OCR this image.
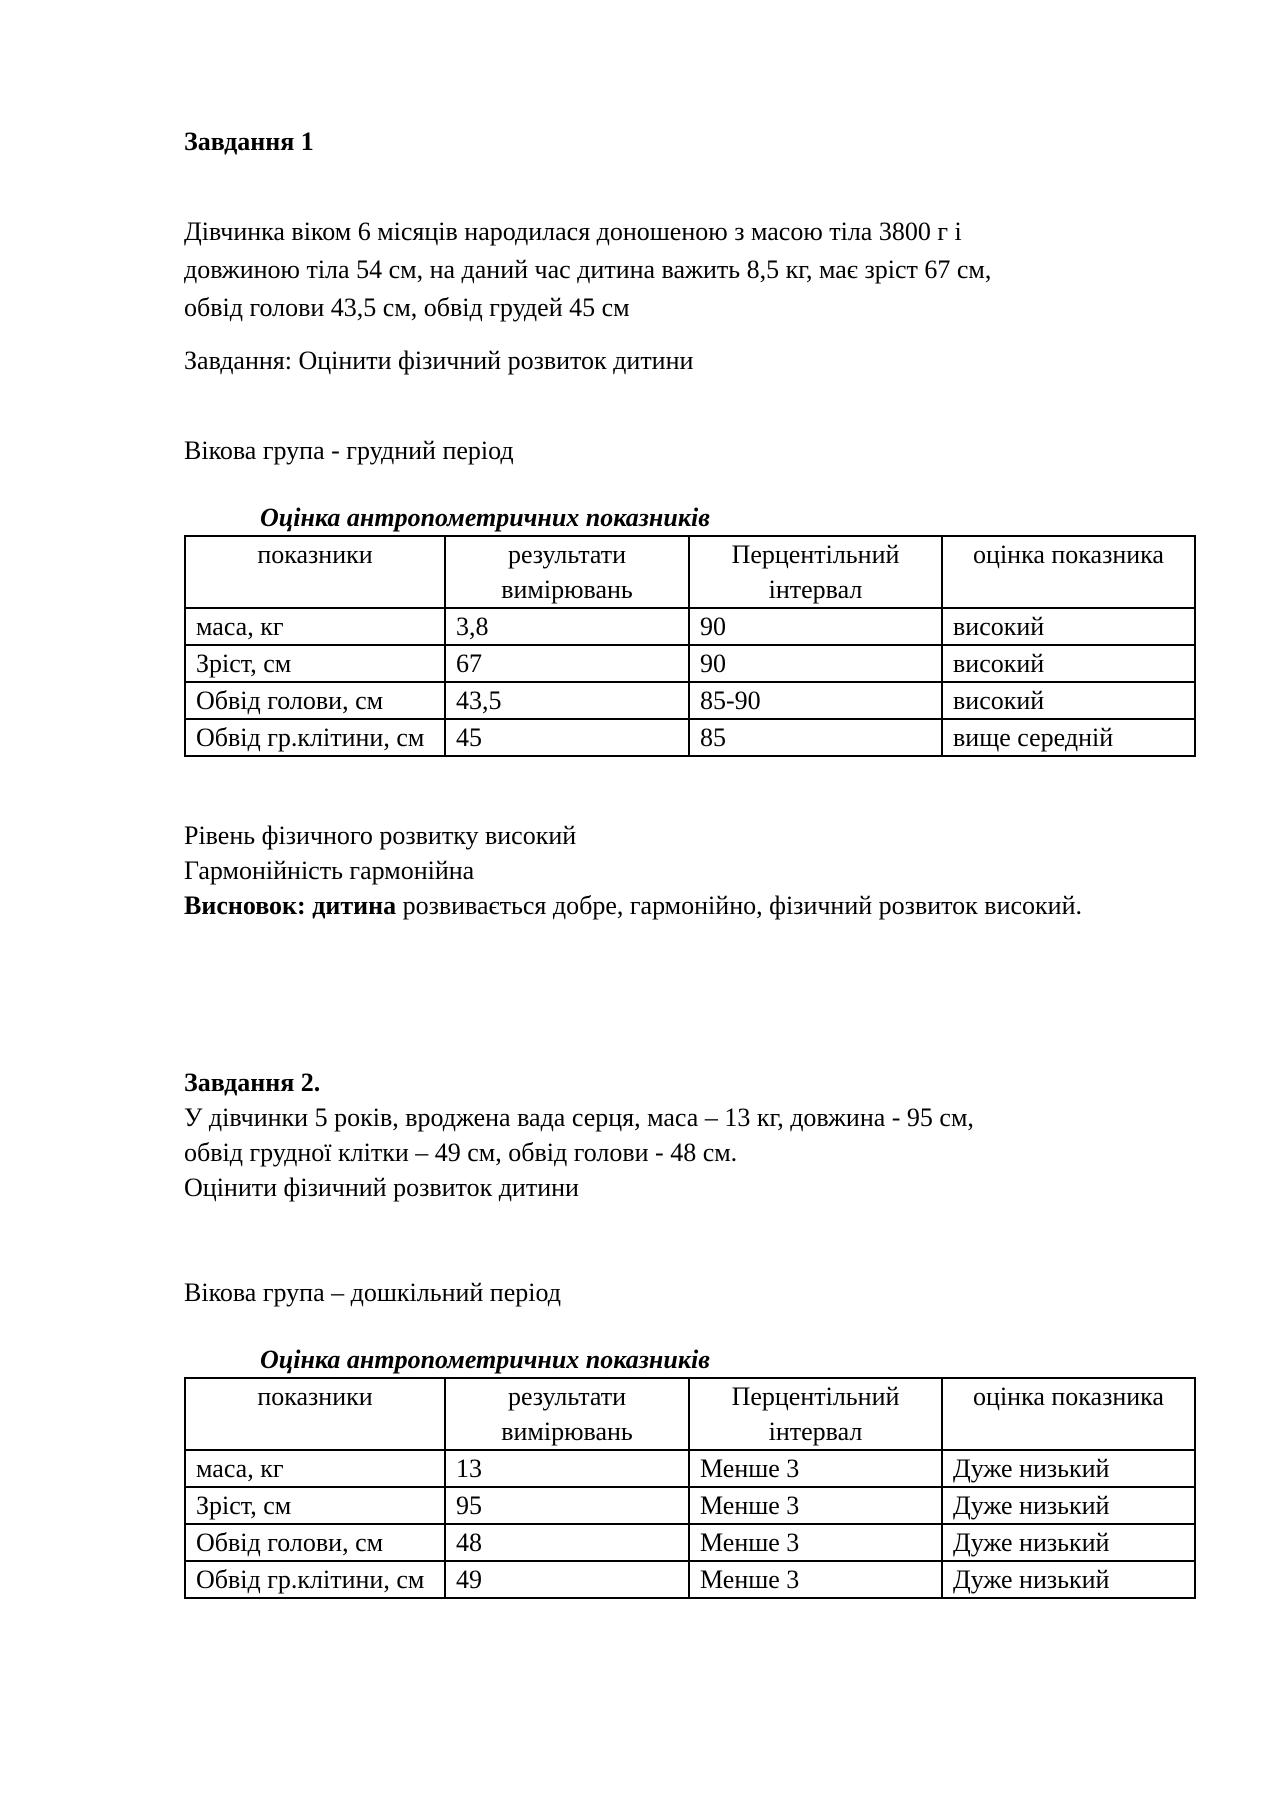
Завдання 1
Дівчинка віком 6 місяців народилася доношеною з масою тіла 3800 г і
довжиною тіла 54 см, на даний час дитина важить 8,5 кг, має зріст 67 см,
обвід голови 43,5 см, обвід грудей 45 см
Завдання: Оцінити фізичний розвиток дитини
Вікова група - грудний період
Оцінка антропометричних показників
показники	результати вимірювань	Перцентільний інтервал	оцінка показника
маса, кг	3,8	90	високий
Зріст, см	67	90	високий
Обвід голови, см	43,5	85-90	високий
Обвід гр.клітини, см	45	85	вище середній
Рівень фізичного розвитку високий
Гармонійність гармонійна
Висновок: дитина розвивається добре, гармонійно, фізичний розвиток високий.
Завдання 2.
У дівчинки 5 років, вроджена вада серця, маса – 13 кг, довжина - 95 см,
обвід грудної клітки – 49 см, обвід голови - 48 см.
Оцінити фізичний розвиток дитини
Вікова група – дошкільний період
Оцінка антропометричних показників
показники	результати вимірювань	Перцентільний інтервал	оцінка показника
маса, кг	13	Менше 3	Дуже низький
Зріст, см	95	Менше 3	Дуже низький
Обвід голови, см	48	Менше 3	Дуже низький
Обвід гр.клітини, см	49	Менше 3	Дуже низький
